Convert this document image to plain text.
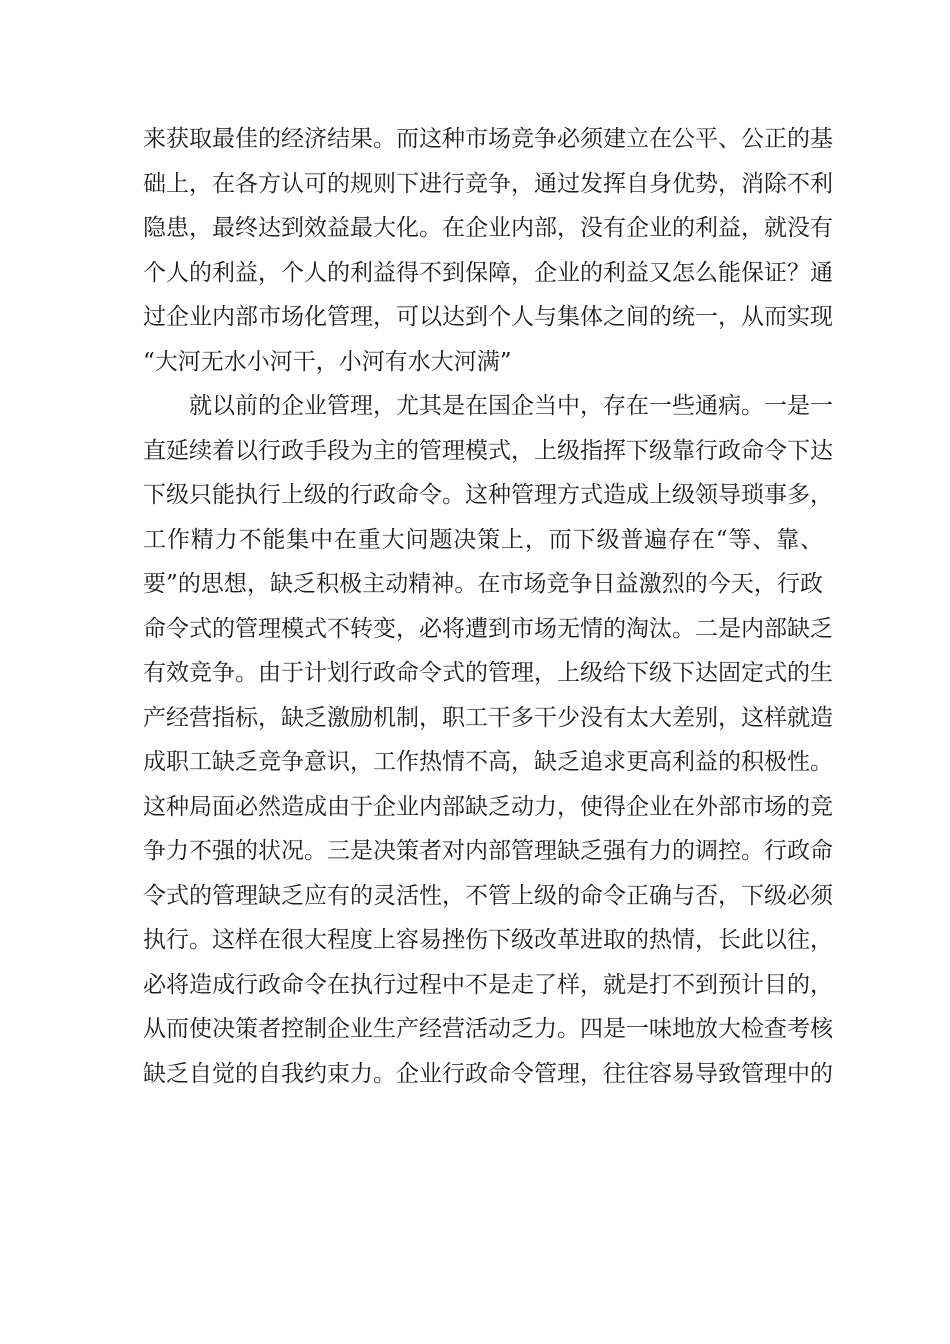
来获取最佳的经济结果。而这种市场竞争必须建立在公平、公正的基
础上，在各方认可的规则下进行竞争，通过发挥自身优势，消除不利
隐患，最终达到效益最大化。在企业内部，没有企业的利益，就没有
个人的利益，个人的利益得不到保障，企业的利益又怎么能保证？通
过企业内部市场化管理，可以达到个人与集体之间的统一，从而实现
“大河无水小河干，小河有水大河满”
就以前的企业管理，尤其是在国企当中，存在一些通病。一是一
直延续着以行政手段为主的管理模式，上级指挥下级靠行政命令下达
下级只能执行上级的行政命令。这种管理方式造成上级领导琐事多，
工作精力不能集中在重大问题决策上，而下级普遍存在“等、靠、
要”的思想，缺乏积极主动精神。在市场竞争日益激烈的今天，行政
命令式的管理模式不转变，必将遭到市场无情的淘汰。二是内部缺乏
有效竞争。由于计划行政命令式的管理，上级给下级下达固定式的生
产经营指标，缺乏激励机制，职工干多干少没有太大差别，这样就造
成职工缺乏竞争意识，工作热情不高，缺乏追求更高利益的积极性。
这种局面必然造成由于企业内部缺乏动力，使得企业在外部市场的竞
争力不强的状况。三是决策者对内部管理缺乏强有力的调控。行政命
令式的管理缺乏应有的灵活性，不管上级的命令正确与否，下级必须
执行。这样在很大程度上容易挫伤下级改革进取的热情，长此以往，
必将造成行政命令在执行过程中不是走了样，就是打不到预计目的，
从而使决策者控制企业生产经营活动乏力。四是一味地放大检查考核
缺乏自觉的自我约束力。企业行政命令管理，往往容易导致管理中的
